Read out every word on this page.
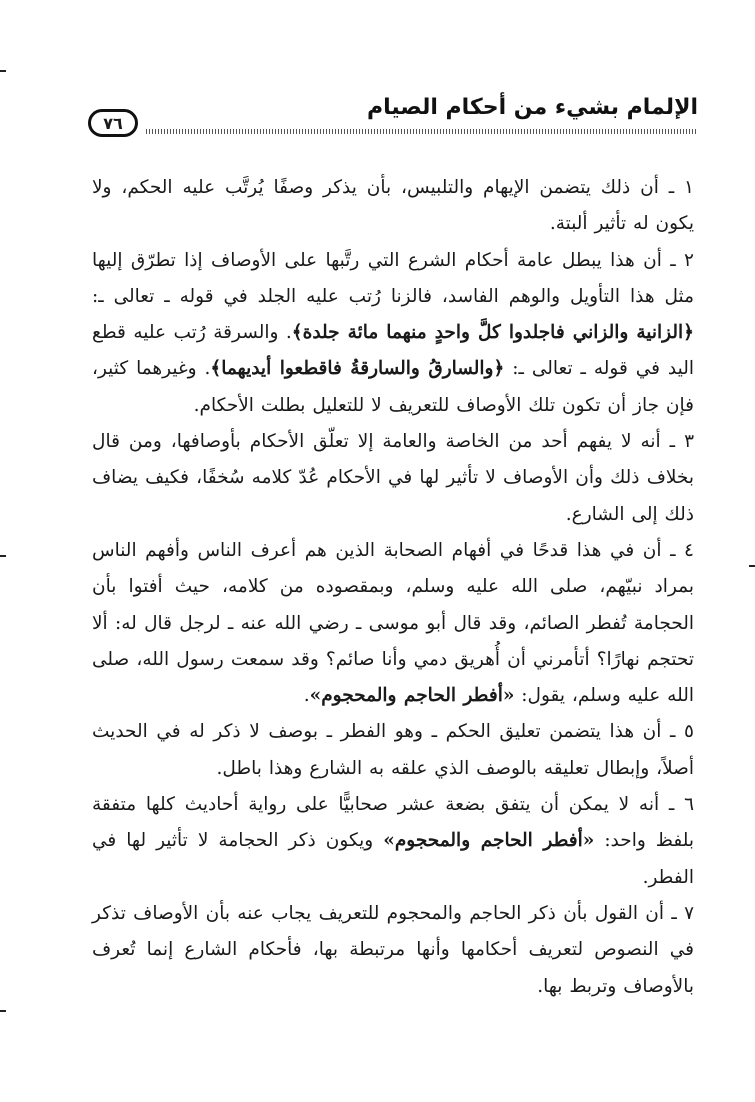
الإلمام بشيء من أحكام الصيام
٧٦

١ ـ أن ذلك يتضمن الإيهام والتلبيس، بأن يذكر وصفًا يُرتَّب عليه الحكم، ولا يكون له تأثير ألبتة.

٢ ـ أن هذا يبطل عامة أحكام الشرع التي رتَّبها على الأوصاف إذا تطرّق إليها مثل هذا التأويل والوهم الفاسد، فالزنا رُتب عليه الجلد في قوله ـ تعالى ـ: ﴿الزانية والزاني فاجلدوا كلَّ واحدٍ منهما مائة جلدة﴾. والسرقة رُتب عليه قطع اليد في قوله ـ تعالى ـ: ﴿والسارقُ والسارقةُ فاقطعوا أيديهما﴾. وغيرهما كثير، فإن جاز أن تكون تلك الأوصاف للتعريف لا للتعليل بطلت الأحكام.

٣ ـ أنه لا يفهم أحد من الخاصة والعامة إلا تعلّق الأحكام بأوصافها، ومن قال بخلاف ذلك وأن الأوصاف لا تأثير لها في الأحكام عُدّ كلامه سُخفًا، فكيف يضاف ذلك إلى الشارع.

٤ ـ أن في هذا قدحًا في أفهام الصحابة الذين هم أعرف الناس وأفهم الناس بمراد نبيّهم، صلى الله عليه وسلم، وبمقصوده من كلامه، حيث أفتوا بأن الحجامة تُفطر الصائم، وقد قال أبو موسى ـ رضي الله عنه ـ لرجل قال له: ألا تحتجم نهارًا؟ أتأمرني أن أُهريق دمي وأنا صائم؟ وقد سمعت رسول الله، صلى الله عليه وسلم، يقول: «أفطر الحاجم والمحجوم».

٥ ـ أن هذا يتضمن تعليق الحكم ـ وهو الفطر ـ بوصف لا ذكر له في الحديث أصلاً، وإبطال تعليقه بالوصف الذي علقه به الشارع وهذا باطل.

٦ ـ أنه لا يمكن أن يتفق بضعة عشر صحابيًّا على رواية أحاديث كلها متفقة بلفظ واحد: «أفطر الحاجم والمحجوم» ويكون ذكر الحجامة لا تأثير لها في الفطر.

٧ ـ أن القول بأن ذكر الحاجم والمحجوم للتعريف يجاب عنه بأن الأوصاف تذكر في النصوص لتعريف أحكامها وأنها مرتبطة بها، فأحكام الشارع إنما تُعرف بالأوصاف وتربط بها.
